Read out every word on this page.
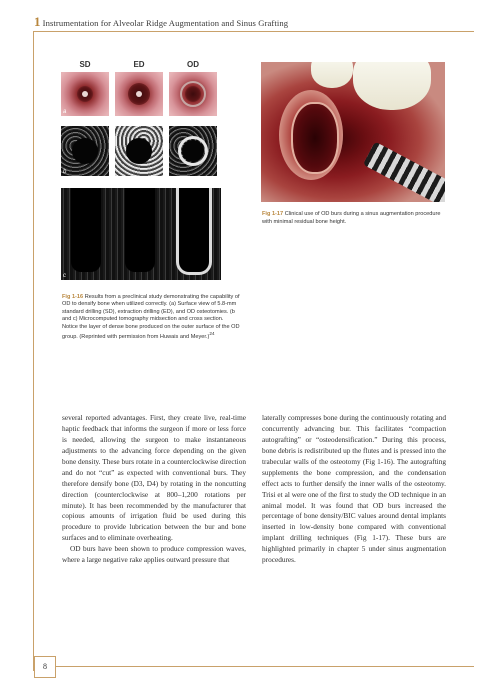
1 Instrumentation for Alveolar Ridge Augmentation and Sinus Grafting
SD	ED	OD
a
b
c
Fig 1-16 Results from a preclinical study demonstrating the capability of OD to densify bone when utilized correctly. (a) Surface view of 5.8-mm standard drilling (SD), extraction drilling (ED), and OD osteotomies. (b and c) Microcomputed tomography midsection and cross section. Notice the layer of dense bone produced on the outer surface of the OD group. (Reprinted with permission from Huwais and Meyer.)$^{24}$
Fig 1-17 Clinical use of OD burs during a sinus augmentation procedure with minimal residual bone height.

several reported advantages. First, they create live, real-time haptic feedback that informs the surgeon if more or less force is needed, allowing the surgeon to make instantaneous adjustments to the advancing force depending on the given bone density. These burs rotate in a counterclockwise direction and do not “cut” as expected with conventional burs. They therefore densify bone (D3, D4) by rotating in the noncutting direction (counterclockwise at 800–1,200 rotations per minute). It has been recommended by the manufacturer that copious amounts of irrigation fluid be used during this procedure to provide lubrication between the bur and bone surfaces and to eliminate overheating.

OD burs have been shown to produce compression waves, where a large negative rake applies outward pressure that

laterally compresses bone during the continuously rotating and concurrently advancing bur. This facilitates “compaction autografting” or “osteodensification.” During this process, bone debris is redistributed up the flutes and is pressed into the trabecular walls of the osteotomy (Fig 1-16). The autografting supplements the bone compression, and the condensation effect acts to further densify the inner walls of the osteotomy. Trisi et al were one of the first to study the OD technique in an animal model. It was found that OD burs increased the percentage of bone density/BIC values around dental implants inserted in low-density bone compared with conventional implant drilling techniques (Fig 1-17). These burs are highlighted primarily in chapter 5 under sinus augmentation procedures.

8
